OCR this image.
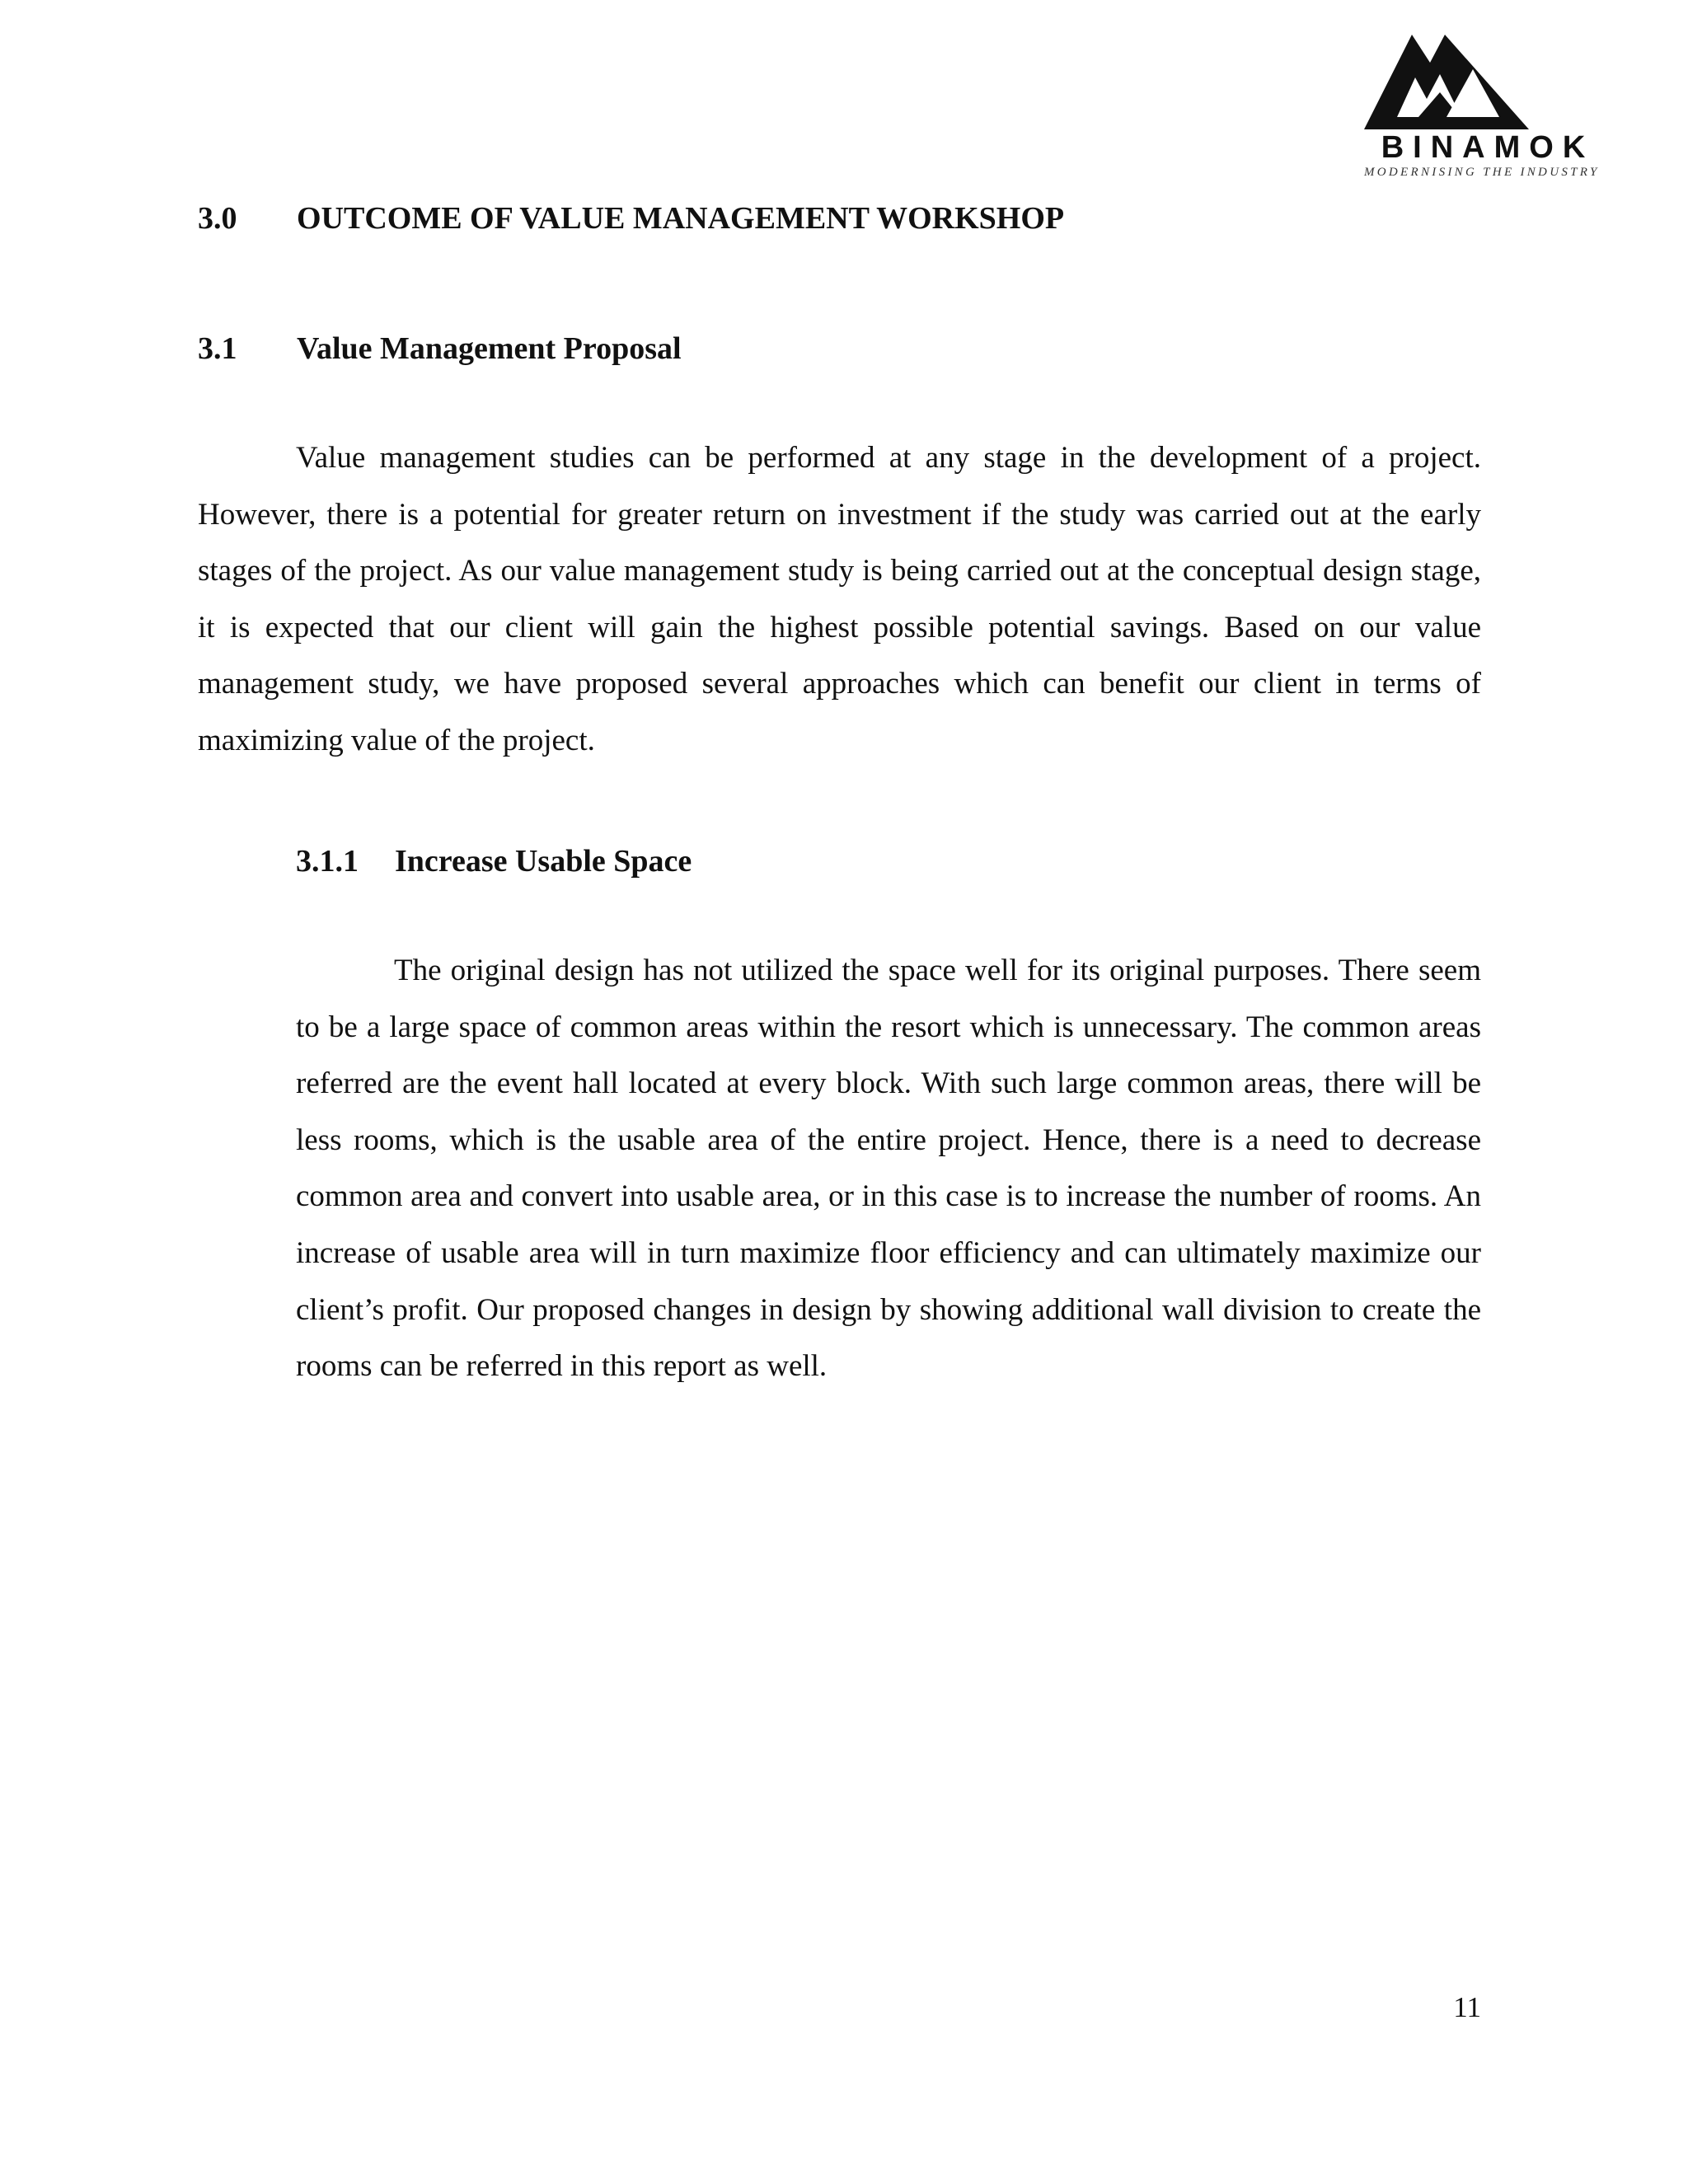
BINAMOK
MODERNISING THE INDUSTRY
3.0 OUTCOME OF VALUE MANAGEMENT WORKSHOP
3.1 Value Management Proposal

Value management studies can be performed at any stage in the development of a project. However, there is a potential for greater return on investment if the study was carried out at the early stages of the project. As our value management study is being carried out at the conceptual design stage, it is expected that our client will gain the highest possible potential savings. Based on our value management study, we have proposed several approaches which can benefit our client in terms of maximizing value of the project.

3.1.1 Increase Usable Space

The original design has not utilized the space well for its original purposes. There seem to be a large space of common areas within the resort which is unnecessary. The common areas referred are the event hall located at every block. With such large common areas, there will be less rooms, which is the usable area of the entire project. Hence, there is a need to decrease common area and convert into usable area, or in this case is to increase the number of rooms. An increase of usable area will in turn maximize floor efficiency and can ultimately maximize our client’s profit. Our proposed changes in design by showing additional wall division to create the rooms can be referred in this report as well.

11
